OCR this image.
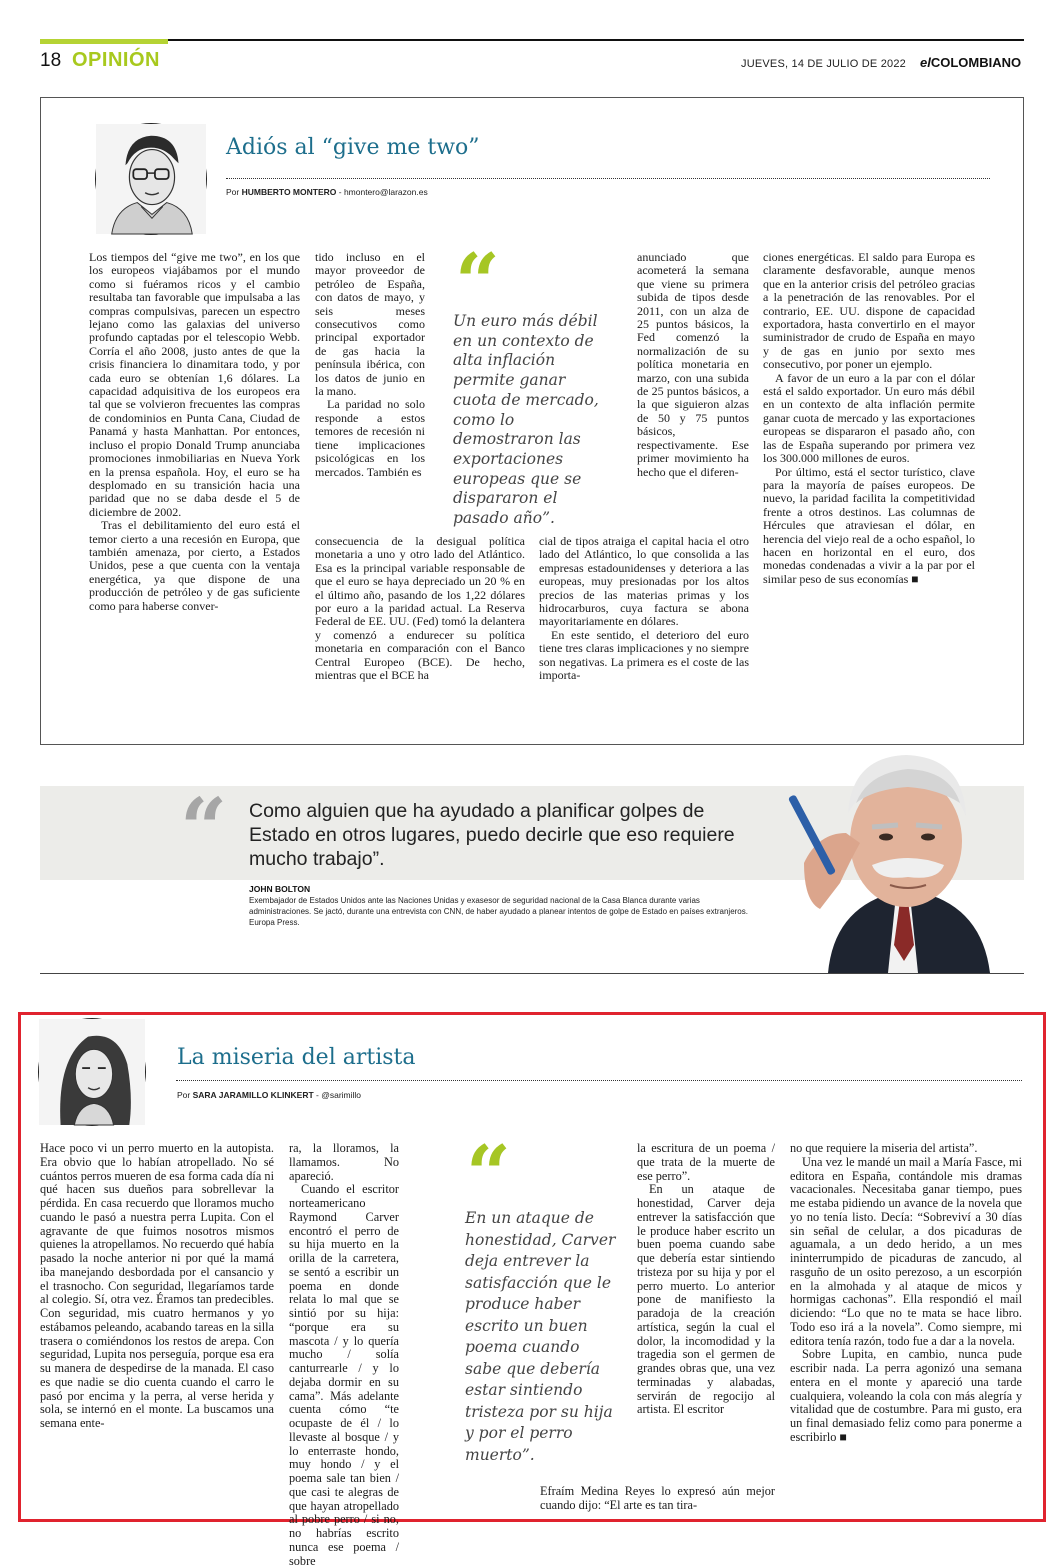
18 OPINIÓN	JUEVES, 14 DE JULIO DE 2022 elCOLOMBIANO
Adiós al “give me two”
Por HUMBERTO MONTERO - hmontero@larazon.es

Los tiempos del “give me two”, en los que los europeos viajábamos por el mundo como si fuéramos ricos y el cambio resultaba tan favorable que impulsaba a las compras compulsivas, parecen un espectro lejano como las galaxias del universo profundo captadas por el telescopio Webb. Corría el año 2008, justo antes de que la crisis financiera lo dinamitara todo, y por cada euro se obtenían 1,6 dólares. La capacidad adquisitiva de los europeos era tal que se volvieron frecuentes las compras de condominios en Punta Cana, Ciudad de Panamá y hasta Manhattan. Por entonces, incluso el propio Donald Trump anunciaba promociones inmobiliarias en Nueva York en la prensa española. Hoy, el euro se ha desplomado en su transición hacia una paridad que no se daba desde el 5 de diciembre de 2002.

Tras el debilitamiento del euro está el temor cierto a una recesión en Europa, que también amenaza, por cierto, a Estados Unidos, pese a que cuenta con la ventaja energética, ya que dispone de una producción de petróleo y de gas suficiente como para haberse conver-

tido incluso en el mayor proveedor de petróleo de España, con datos de mayo, y seis meses consecutivos como principal exportador de gas hacia la península ibérica, con los datos de junio en la mano.

La paridad no solo responde a estos temores de recesión ni tiene implicaciones psicológicas en los mercados. También es

“
Un euro más débil en un contexto de alta inflación permite ganar cuota de mercado, como lo demostraron las exportaciones europeas que se dispararon el pasado año”.

consecuencia de la desigual política monetaria a uno y otro lado del Atlántico. Esa es la principal variable responsable de que el euro se haya depreciado un 20 % en el último año, pasando de los 1,22 dólares por euro a la paridad actual. La Reserva Federal de EE. UU. (Fed) tomó la delantera y comenzó a endurecer su política monetaria en comparación con el Banco Central Europeo (BCE). De hecho, mientras que el BCE ha

anunciado que acometerá la semana que viene su primera subida de tipos desde 2011, con un alza de 25 puntos básicos, la Fed comenzó la normalización de su política monetaria en marzo, con una subida de 25 puntos básicos, a la que siguieron alzas de 50 y 75 puntos básicos, respectivamente. Ese primer movimiento ha hecho que el diferen-

cial de tipos atraiga el capital hacia el otro lado del Atlántico, lo que consolida a las empresas estadounidenses y deteriora a las europeas, muy presionadas por los altos precios de las materias primas y los hidrocarburos, cuya factura se abona mayoritariamente en dólares.

En este sentido, el deterioro del euro tiene tres claras implicaciones y no siempre son negativas. La primera es el coste de las importa-

ciones energéticas. El saldo para Europa es claramente desfavorable, aunque menos que en la anterior crisis del petróleo gracias a la penetración de las renovables. Por el contrario, EE. UU. dispone de capacidad exportadora, hasta convertirlo en el mayor suministrador de crudo de España en mayo y de gas en junio por sexto mes consecutivo, por poner un ejemplo.

A favor de un euro a la par con el dólar está el saldo exportador. Un euro más débil en un contexto de alta inflación permite ganar cuota de mercado y las exportaciones europeas se dispararon el pasado año, con las de España superando por primera vez los 300.000 millones de euros.

Por último, está el sector turístico, clave para la mayoría de países europeos. De nuevo, la paridad facilita la competitividad frente a otros destinos. Las columnas de Hércules que atraviesan el dólar, en herencia del viejo real de a ocho español, lo hacen en horizontal en el euro, dos monedas condenadas a vivir a la par por el similar peso de sus economías ■

“ Como alguien que ha ayudado a planificar golpes de Estado en otros lugares, puedo decirle que eso requiere mucho trabajo”.
JOHN BOLTON
Exembajador de Estados Unidos ante las Naciones Unidas y exasesor de seguridad nacional de la Casa Blanca durante varias administraciones. Se jactó, durante una entrevista con CNN, de haber ayudado a planear intentos de golpe de Estado en países extranjeros. Europa Press.
La miseria del artista
Por SARA JARAMILLO KLINKERT - @sarimillo

Hace poco vi un perro muerto en la autopista. Era obvio que lo habían atropellado. No sé cuántos perros mueren de esa forma cada día ni qué hacen sus dueños para sobrellevar la pérdida. En casa recuerdo que lloramos mucho cuando le pasó a nuestra perra Lupita. Con el agravante de que fuimos nosotros mismos quienes la atropellamos. No recuerdo qué había pasado la noche anterior ni por qué la mamá iba manejando desbordada por el cansancio y el trasnocho. Con seguridad, llegaríamos tarde al colegio. Sí, otra vez. Éramos tan predecibles. Con seguridad, mis cuatro hermanos y yo estábamos peleando, acabando tareas en la silla trasera o comiéndonos los restos de arepa. Con seguridad, Lupita nos perseguía, porque esa era su manera de despedirse de la manada. El caso es que nadie se dio cuenta cuando el carro le pasó por encima y la perra, al verse herida y sola, se internó en el monte. La buscamos una semana ente-

ra, la lloramos, la llamamos. No apareció.

Cuando el escritor norteamericano Raymond Carver encontró el perro de su hija muerto en la orilla de la carretera, se sentó a escribir un poema en donde relata lo mal que se sintió por su hija: “porque era su mascota / y lo quería mucho / solía canturrearle / y lo dejaba dormir en su cama”. Más adelante cuenta cómo “te ocupaste de él / lo llevaste al bosque / y lo enterraste hondo, muy hondo / y el poema sale tan bien / que casi te alegras de que hayan atropellado al pobre perro / si no, no habrías escrito nunca ese poema / sobre

“
En un ataque de honestidad, Carver deja entrever la satisfacción que le produce haber escrito un buen poema cuando sabe que debería estar sintiendo tristeza por su hija y por el perro muerto”.

la escritura de un poema / que trata de la muerte de ese perro”.

En un ataque de honestidad, Carver deja entrever la satisfacción que le produce haber escrito un buen poema cuando sabe que debería estar sintiendo tristeza por su hija y por el perro muerto. Lo anterior pone de manifiesto la paradoja de la creación artística, según la cual el dolor, la incomodidad y la tragedia son el germen de grandes obras que, una vez terminadas y alabadas, servirán de regocijo al artista. El escritor

Efraím Medina Reyes lo expresó aún mejor cuando dijo: “El arte es tan tira-

no que requiere la miseria del artista”.

Una vez le mandé un mail a María Fasce, mi editora en España, contándole mis dramas vacacionales. Necesitaba ganar tiempo, pues me estaba pidiendo un avance de la novela que yo no tenía listo. Decía: “Sobreviví a 30 días sin señal de celular, a dos picaduras de aguamala, a un dedo herido, a un mes ininterrumpido de picaduras de zancudo, al rasguño de un osito perezoso, a un escorpión en la almohada y al ataque de micos y hormigas cachonas”. Ella respondió el mail diciendo: “Lo que no te mata se hace libro. Todo eso irá a la novela”. Como siempre, mi editora tenía razón, todo fue a dar a la novela.

Sobre Lupita, en cambio, nunca pude escribir nada. La perra agonizó una semana entera en el monte y apareció una tarde cualquiera, voleando la cola con más alegría y vitalidad que de costumbre. Para mi gusto, era un final demasiado feliz como para ponerme a escribirlo ■
